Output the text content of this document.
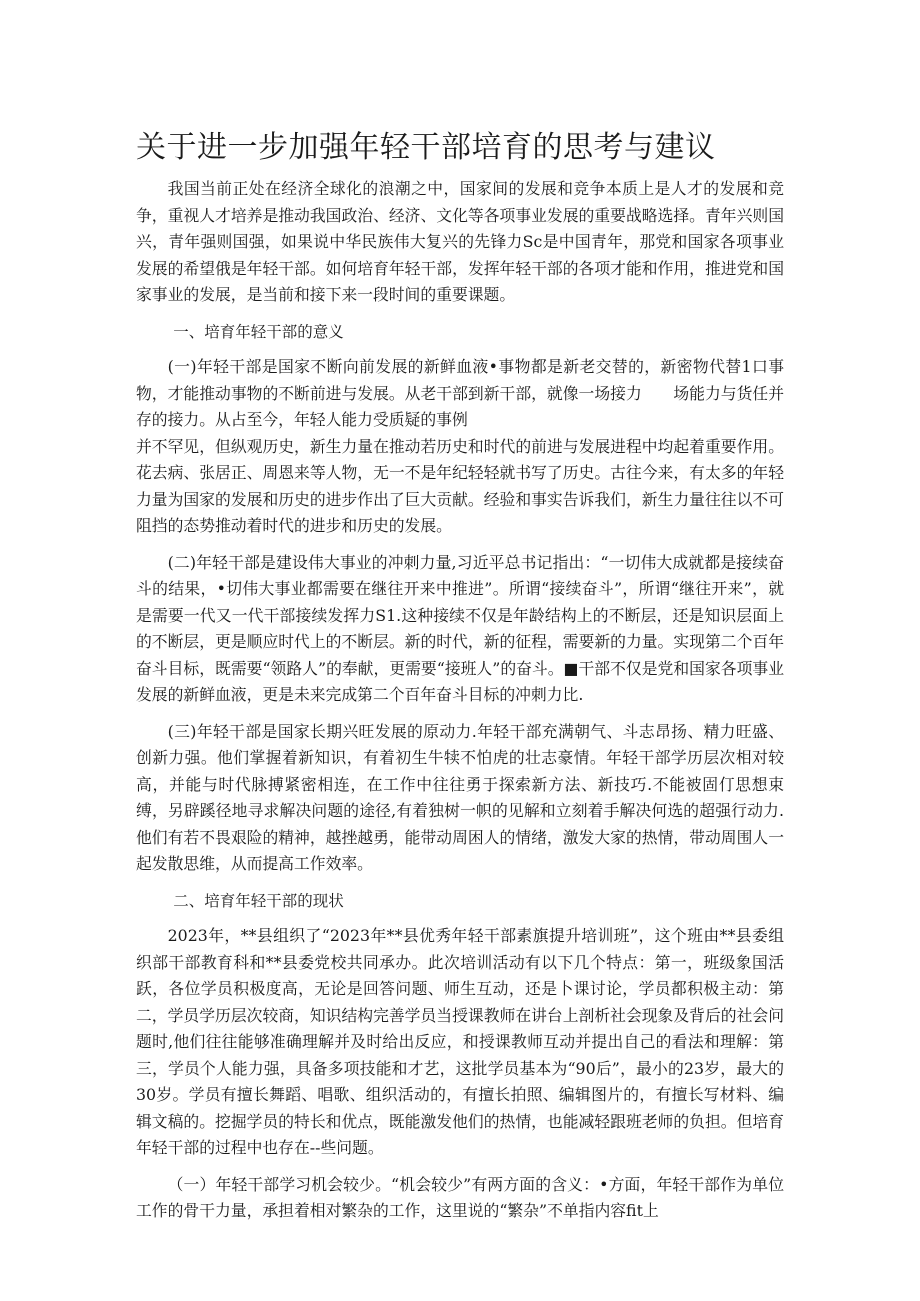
关于进一步加强年轻干部培育的思考与建议

我国当前正处在经济全球化的浪潮之中，国家间的发展和竞争本质上是人才的发展和竞争，重视人才培养是推动我国政治、经济、文化等各项事业发展的重要战略选择。青年兴则国兴，青年强则国强，如果说中华民族伟大复兴的先锋力Sc是中国青年，那党和国家各项事业发展的希望俄是年轻干部。如何培育年轻干部，发挥年轻干部的各项才能和作用，推进党和国家事业的发展，是当前和接下来一段时间的重要课题。

一、培育年轻干部的意义

(一)年轻干部是国家不断向前发展的新鲜血液•事物都是新老交替的，新密物代替1口事物，才能推动事物的不断前进与发展。从老干部到新干部，就像一场接力　　场能力与货任并存的接力。从占至今，年轻人能力受质疑的事例

并不罕见，但纵观历史，新生力量在推动若历史和时代的前进与发展进程中均起着重要作用。花去病、张居正、周恩来等人物，无一不是年纪轻轻就书写了历史。古往今来，有太多的年轻力量为国家的发展和历史的进步作出了巨大贡献。经验和事实告诉我们，新生力量往往以不可阻挡的态势推动着时代的进步和历史的发展。

(二)年轻干部是建设伟大事业的冲刺力量,习近平总书记指出：“一切伟大成就都是接续奋斗的结果，•切伟大事业都需要在继往开来中推进”。所谓“接续奋斗”，所谓“继往开来”，就是需要一代又一代干部接续发挥力S1.这种接续不仅是年龄结构上的不断层，还是知识层面上的不断层，更是顺应时代上的不断层。新的时代，新的征程，需要新的力量。实现第二个百年奋斗目标，既需要“领路人”的奉献，更需要“接班人”的奋斗。■干部不仅是党和国家各项事业发展的新鲜血液，更是未来完成第二个百年奋斗目标的冲刺力比.

(三)年轻干部是国家长期兴旺发展的原动力.年轻干部充满朝气、斗志昂扬、精力旺盛、创新力强。他们掌握着新知识，有着初生牛犊不怕虎的壮志豪情。年轻干部学历层次相对较高，并能与时代脉搏紧密相连，在工作中往往勇于探索新方法、新技巧.不能被固仃思想束缚，另辟蹊径地寻求解决问题的途径,有着独树一帜的见解和立刻着手解决何选的超强行动力.他们有若不畏艰险的精神，越挫越勇，能带动周困人的情绪，激发大家的热情，带动周围人一起发散思维，从而提高工作效率。

二、培育年轻干部的现状

2023年，**县组织了“2023年**县优秀年轻干部素旗提升培训班”，这个班由**县委组织部干部教育科和**县委党校共同承办。此次培训活动有以下几个特点：第一，班级象国活跃，各位学员积极度高，无论是回答问题、师生互动，还是卜课讨论，学员都积极主动：第二，学员学历层次较商，知识结构完善学员当授课教师在讲台上剖析社会现象及背后的社会问题时,他们往往能够准确理解并及时给出反应，和授课教师互动并提出自己的看法和理解：第三，学员个人能力强，具备多项技能和才艺，这批学员基本为“90后”，最小的23岁，最大的30岁。学员有擅长舞蹈、唱歌、组织活动的，有擅长拍照、编辑图片的，有擅长写材料、编辑文稿的。挖掘学员的特长和优点，既能激发他们的热情，也能减轻跟班老师的负担。但培育年轻干部的过程中也存在--些问题。

（一）年轻干部学习机会较少。“机会较少”有两方面的含义：•方面，年轻干部作为单位工作的骨干力量，承担着相对繁杂的工作，这里说的“繁杂”不单指内容fit上
